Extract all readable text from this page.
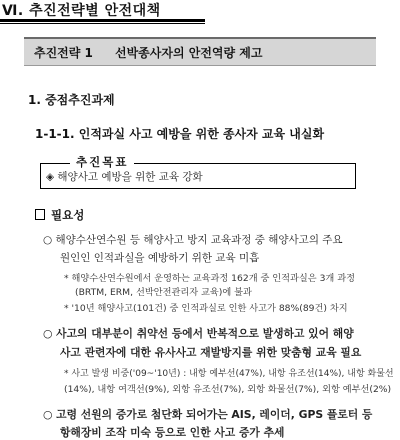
Ⅵ. 추진전략별 안전대책
추진전략 1 선박종사자의 안전역량 제고
1. 중점추진과제
1-1-1. 인적과실 사고 예방을 위한 종사자 교육 내실화
추진목표
◈ 해양사고 예방을 위한 교육 강화
필요성
○ 해양수산연수원 등 해양사고 방지 교육과정 중 해양사고의 주요
원인인 인적과실을 예방하기 위한 교육 미흡
* 해양수산연수원에서 운영하는 교육과정 162개 중 인적과실은 3개 과정
(BRTM, ERM, 선박안전관리자 교육)에 불과
* '10년 해양사고(101건) 중 인적과실로 인한 사고가 88%(89건) 차지
○ 사고의 대부분이 취약선 등에서 반복적으로 발생하고 있어 해양
사고 관련자에 대한 유사사고 재발방지를 위한 맞춤형 교육 필요
* 사고 발생 비중('09~'10년) : 내항 예부선(47%), 내항 유조선(14%), 내항 화물선
(14%), 내항 여객선(9%), 외항 유조선(7%), 외항 화물선(7%), 외항 예부선(2%)
○ 고령 선원의 증가로 첨단화 되어가는 AIS, 레이더, GPS 플로터 등
항해장비 조작 미숙 등으로 인한 사고 증가 추세
